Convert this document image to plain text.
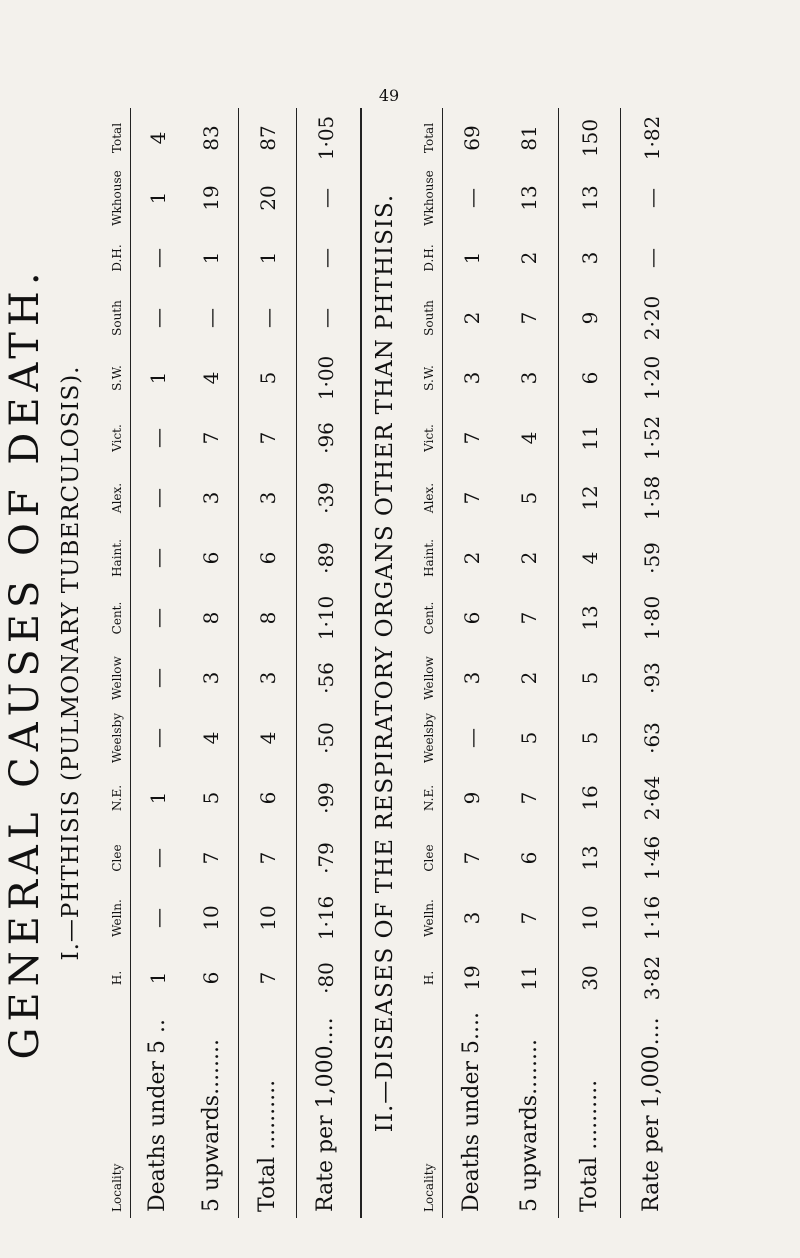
49
GENERAL CAUSES OF DEATH. I.—PHTHISIS (PULMONARY TUBERCULOSIS).
Locality	H.	Welln.	Clee	N.E.	Weelsby	Wellow	Cent.	Haint.	Alex.	Vict.	S.W.	South	D.H.	Wkhouse	Total
Deaths under 5 ..	1	—	—	1	—	—	—	—	—	—	1	—	—	1	4
5 upwards........	6	10	7	5	4	3	8	6	3	7	4	—	1	19	83
Total ..........	7	10	7	6	4	3	8	6	3	7	5	—	1	20	87
Rate per 1,000....	·80	1·16	·79	·99	·50	·56	1·10	·89	·39	·96	1·00	—	—	—	1·05
II.—DISEASES OF THE RESPIRATORY ORGANS OTHER THAN PHTHISIS.
Locality	H.	Welln.	Clee	N.E.	Weelsby	Wellow	Cent.	Haint.	Alex.	Vict.	S.W.	South	D.H.	Wkhouse	Total
Deaths under 5....	19	3	7	9	—	3	6	2	7	7	3	2	1	—	69
5 upwards........	11	7	6	7	5	2	7	2	5	4	3	7	2	13	81
Total ..........	30	10	13	16	5	5	13	4	12	11	6	9	3	13	150
Rate per 1,000....	3·82	1·16	1·46	2·64	·63	·93	1·80	·59	1·58	1·52	1·20	2·20	—	—	1·82
